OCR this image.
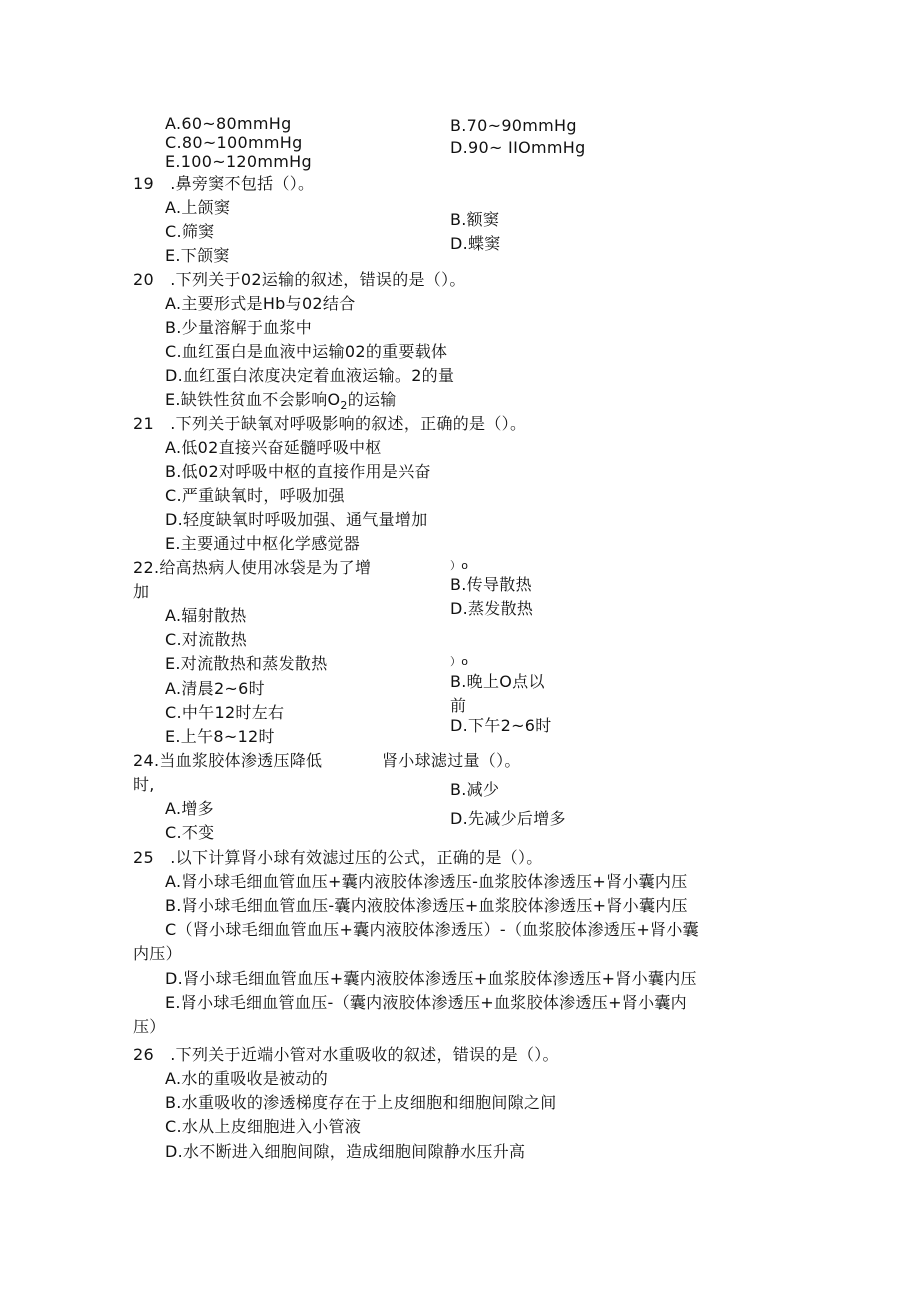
A.60~80mmHg	B.70~90mmHg
C.80~100mmHg	D.90~ IIOmmHg
E.100~120mmHg
19　.鼻旁窦不包括（）。
A.上颌窦
B.额窦
C.筛窦
D.蝶窦
E.下颌窦
20　.下列关于02运输的叙述，错误的是（）。
A.主要形式是Hb与02结合
B.少量溶解于血浆中
C.血红蛋白是血液中运输02的重要载体
D.血红蛋白浓度决定着血液运输。2的量
E.缺铁性贫血不会影响$O_2$的运输
21　.下列关于缺氧对呼吸影响的叙述，正确的是（）。
A.低02直接兴奋延髓呼吸中枢
B.低02对呼吸中枢的直接作用是兴奋
C.严重缺氧时，呼吸加强
D.轻度缺氧时呼吸加强、通气量增加
E.主要通过中枢化学感觉器
22.给高热病人使用冰袋是为了增	）o
加	B.传导散热
D.蒸发散热
A.辐射散热
C.对流散热
E.对流散热和蒸发散热	）o
A.清晨2~6时	B.晚上O点以
前
C.中午12时左右
D.下午2~6时
E.上午8~12时
24.当血浆胶体渗透压降低	肾小球滤过量（）。
时,	B.减少
A.增多
D.先减少后增多
C.不变
25　.以下计算肾小球有效滤过压的公式，正确的是（）。
A.肾小球毛细血管血压+囊内液胶体渗透压-血浆胶体渗透压+肾小囊内压
B.肾小球毛细血管血压-囊内液胶体渗透压+血浆胶体渗透压+肾小囊内压
C（肾小球毛细血管血压+囊内液胶体渗透压）-（血浆胶体渗透压+肾小囊
内压）
D.肾小球毛细血管血压+囊内液胶体渗透压+血浆胶体渗透压+肾小囊内压
E.肾小球毛细血管血压-（囊内液胶体渗透压+血浆胶体渗透压+肾小囊内
压）
26　.下列关于近端小管对水重吸收的叙述，错误的是（）。
A.水的重吸收是被动的
B.水重吸收的渗透梯度存在于上皮细胞和细胞间隙之间
C.水从上皮细胞进入小管液
D.水不断进入细胞间隙，造成细胞间隙静水压升高
